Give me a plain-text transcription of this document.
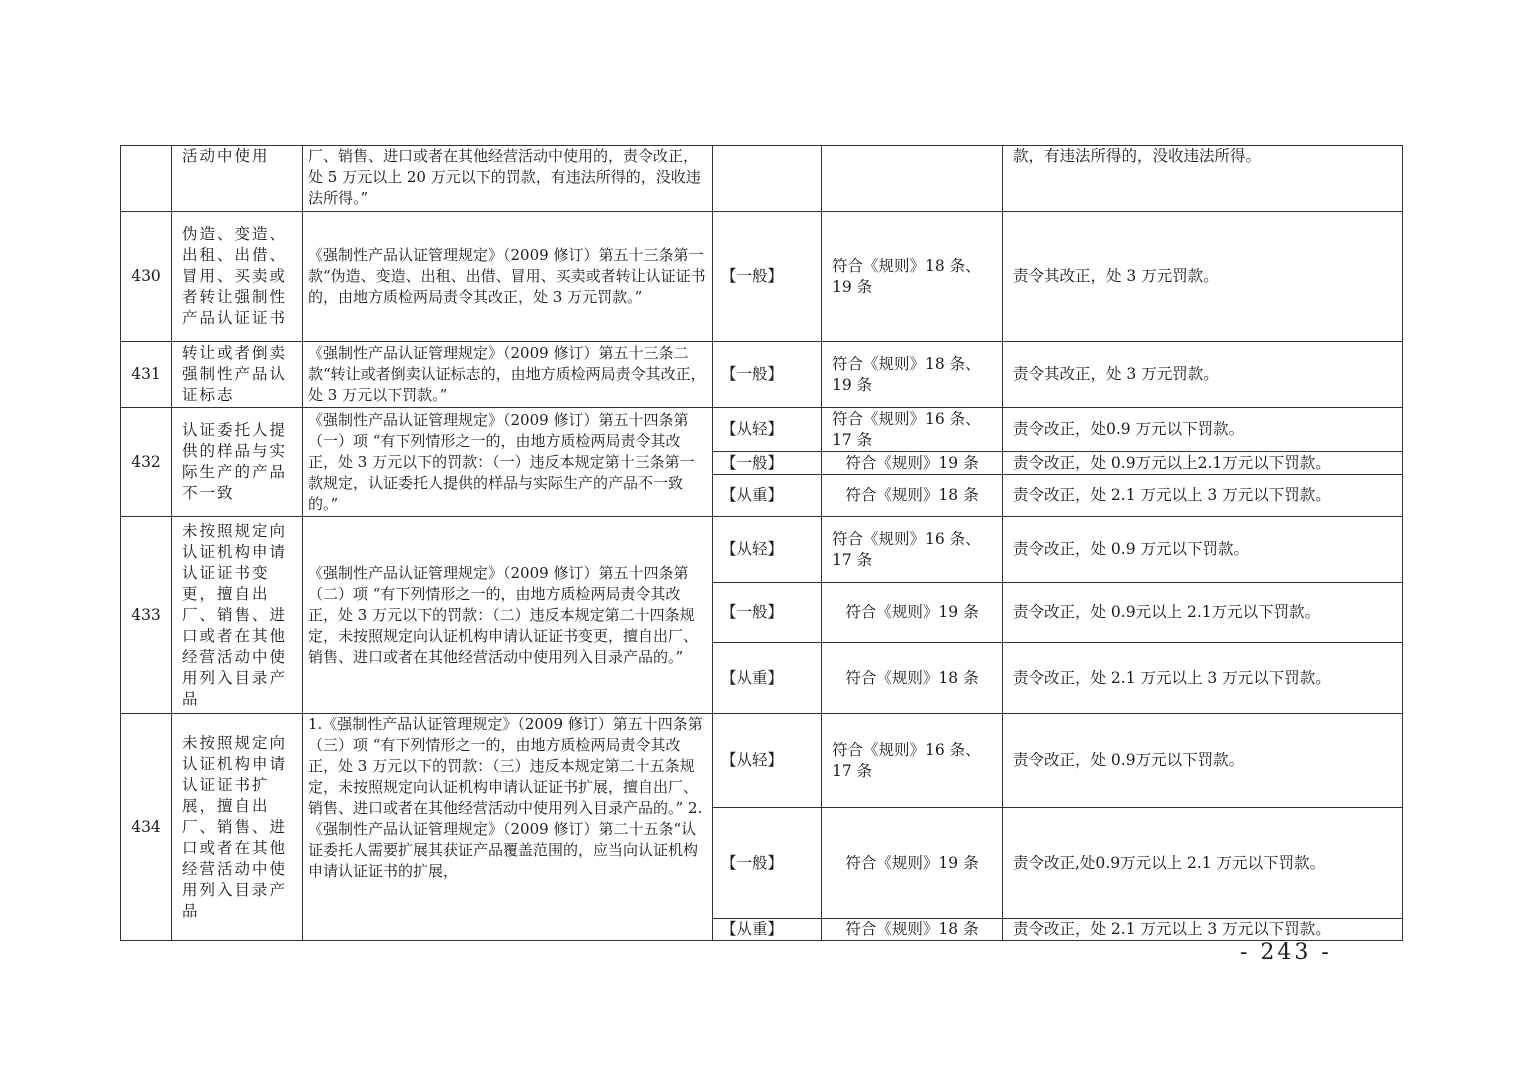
	活动中使用	厂、销售、进口或者在其他经营活动中使用的，责令改正，处 5 万元以上 20 万元以下的罚款，有违法所得的，没收违法所得。”			款，有违法所得的，没收违法所得。
430	伪造、变造、出租、出借、冒用、买卖或者转让强制性产品认证证书	《强制性产品认证管理规定》（2009 修订）第五十三条第一款“伪造、变造、出租、出借、冒用、买卖或者转让认证证书的，由地方质检两局责令其改正，处 3 万元罚款。”	【一般】	符合《规则》18 条、19 条	责令其改正，处 3 万元罚款。
431	转让或者倒卖强制性产品认证标志	《强制性产品认证管理规定》（2009 修订）第五十三条二款“转让或者倒卖认证标志的，由地方质检两局责令其改正，处 3 万元以下罚款。”	【一般】	符合《规则》18 条、19 条	责令其改正，处 3 万元罚款。
432	认证委托人提供的样品与实际生产的产品不一致	《强制性产品认证管理规定》（2009 修订）第五十四条第（一）项 “有下列情形之一的，由地方质检两局责令其改正，处 3 万元以下的罚款：（一）违反本规定第十三条第一款规定，认证委托人提供的样品与实际生产的产品不一致的。”	【从轻】	符合《规则》16 条、17 条	责令改正，处0.9 万元以下罚款。
			【一般】	符合《规则》19 条	责令改正，处 0.9万元以上2.1万元以下罚款。
			【从重】	符合《规则》18 条	责令改正，处 2.1 万元以上 3 万元以下罚款。
433	未按照规定向认证机构申请认证证书变更，擅自出厂、销售、进口或者在其他经营活动中使用列入目录产品	《强制性产品认证管理规定》（2009 修订）第五十四条第（二）项 “有下列情形之一的，由地方质检两局责令其改正，处 3 万元以下的罚款：（二）违反本规定第二十四条规定，未按照规定向认证机构申请认证证书变更，擅自出厂、销售、进口或者在其他经营活动中使用列入目录产品的。”	【从轻】	符合《规则》16 条、17 条	责令改正，处 0.9 万元以下罚款。
			【一般】	符合《规则》19 条	责令改正，处 0.9元以上 2.1万元以下罚款。
			【从重】	符合《规则》18 条	责令改正，处 2.1 万元以上 3 万元以下罚款。
434	未按照规定向认证机构申请认证证书扩展，擅自出厂、销售、进口或者在其他经营活动中使用列入目录产品	1.《强制性产品认证管理规定》（2009 修订）第五十四条第（三）项 “有下列情形之一的，由地方质检两局责令其改正，处 3 万元以下的罚款：（三）违反本规定第二十五条规定，未按照规定向认证机构申请认证证书扩展，擅自出厂、销售、进口或者在其他经营活动中使用列入目录产品的。” 2.《强制性产品认证管理规定》（2009 修订）第二十五条“认证委托人需要扩展其获证产品覆盖范围的，应当向认证机构申请认证证书的扩展，	【从轻】	符合《规则》16 条、17 条	责令改正，处 0.9万元以下罚款。
			【一般】	符合《规则》19 条	责令改正,处0.9万元以上 2.1 万元以下罚款。
			【从重】	符合《规则》18 条	责令改正，处 2.1 万元以上 3 万元以下罚款。
- 243 -
